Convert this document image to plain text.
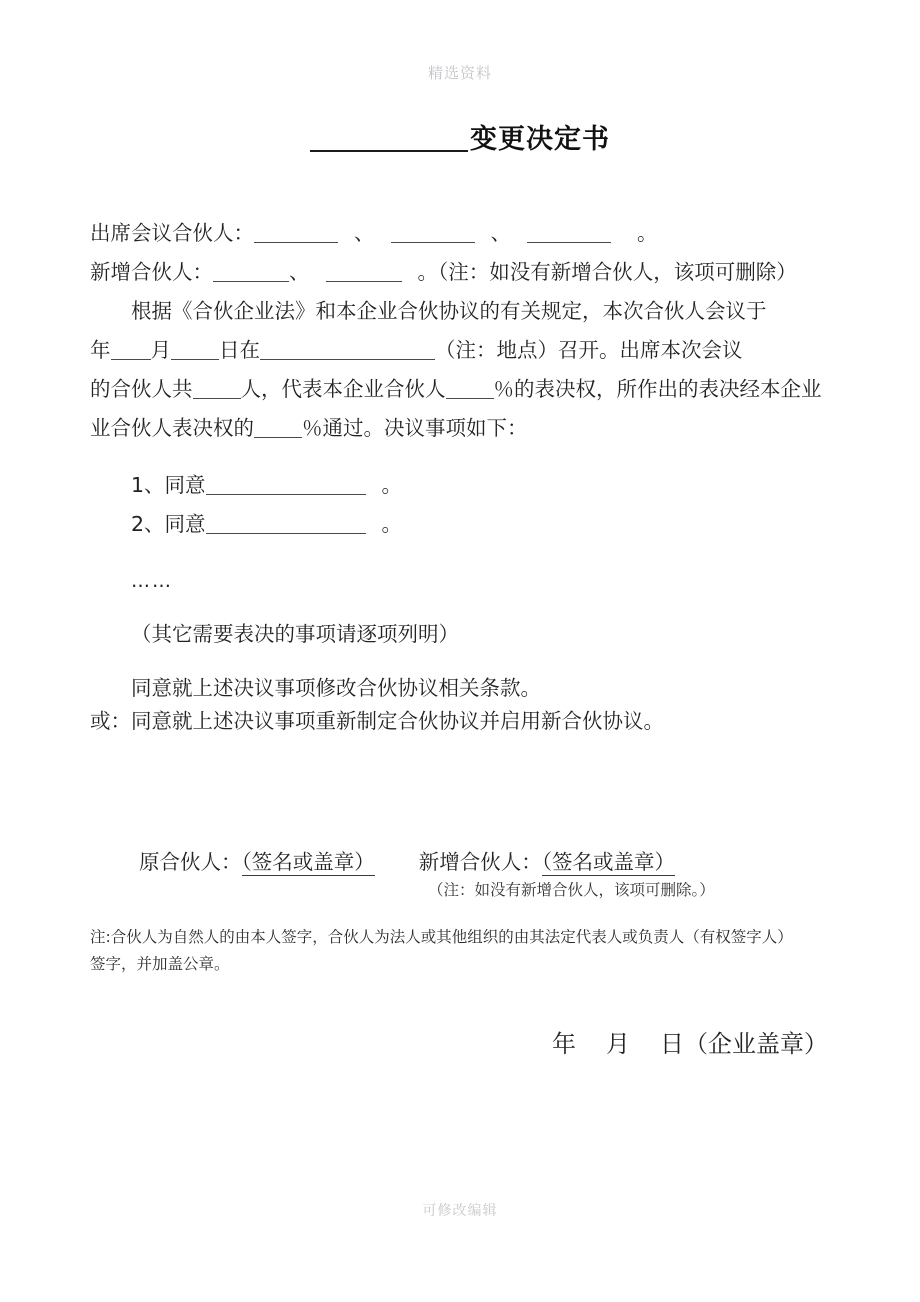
精选资料
变更决定书

出席会议合伙人：	、	、	。

新增合伙人：	、	。（注：如没有新增合伙人，该项可删除）

根据《合伙企业法》和本企业合伙协议的有关规定，本次合伙人会议于

年 月 日在	（注：地点）召开。出席本次会议

的合伙人共 人，代表本企业合伙人 ％的表决权，所作出的表决经本企业

业合伙人表决权的 ％通过。决议事项如下：

1、同意	。

2、同意	。

……

（其它需要表决的事项请逐项列明）

同意就上述决议事项修改合伙协议相关条款。

或：同意就上述决议事项重新制定合伙协议并启用新合伙协议。

原合伙人：（签名或盖章） 新增合伙人：（签名或盖章）
（注：如没有新增合伙人，该项可删除。）

注:合伙人为自然人的由本人签字，合伙人为法人或其他组织的由其法定代表人或负责人（有权签字人）

签字，并加盖公章。

年 月 日（企业盖章）
可修改编辑
